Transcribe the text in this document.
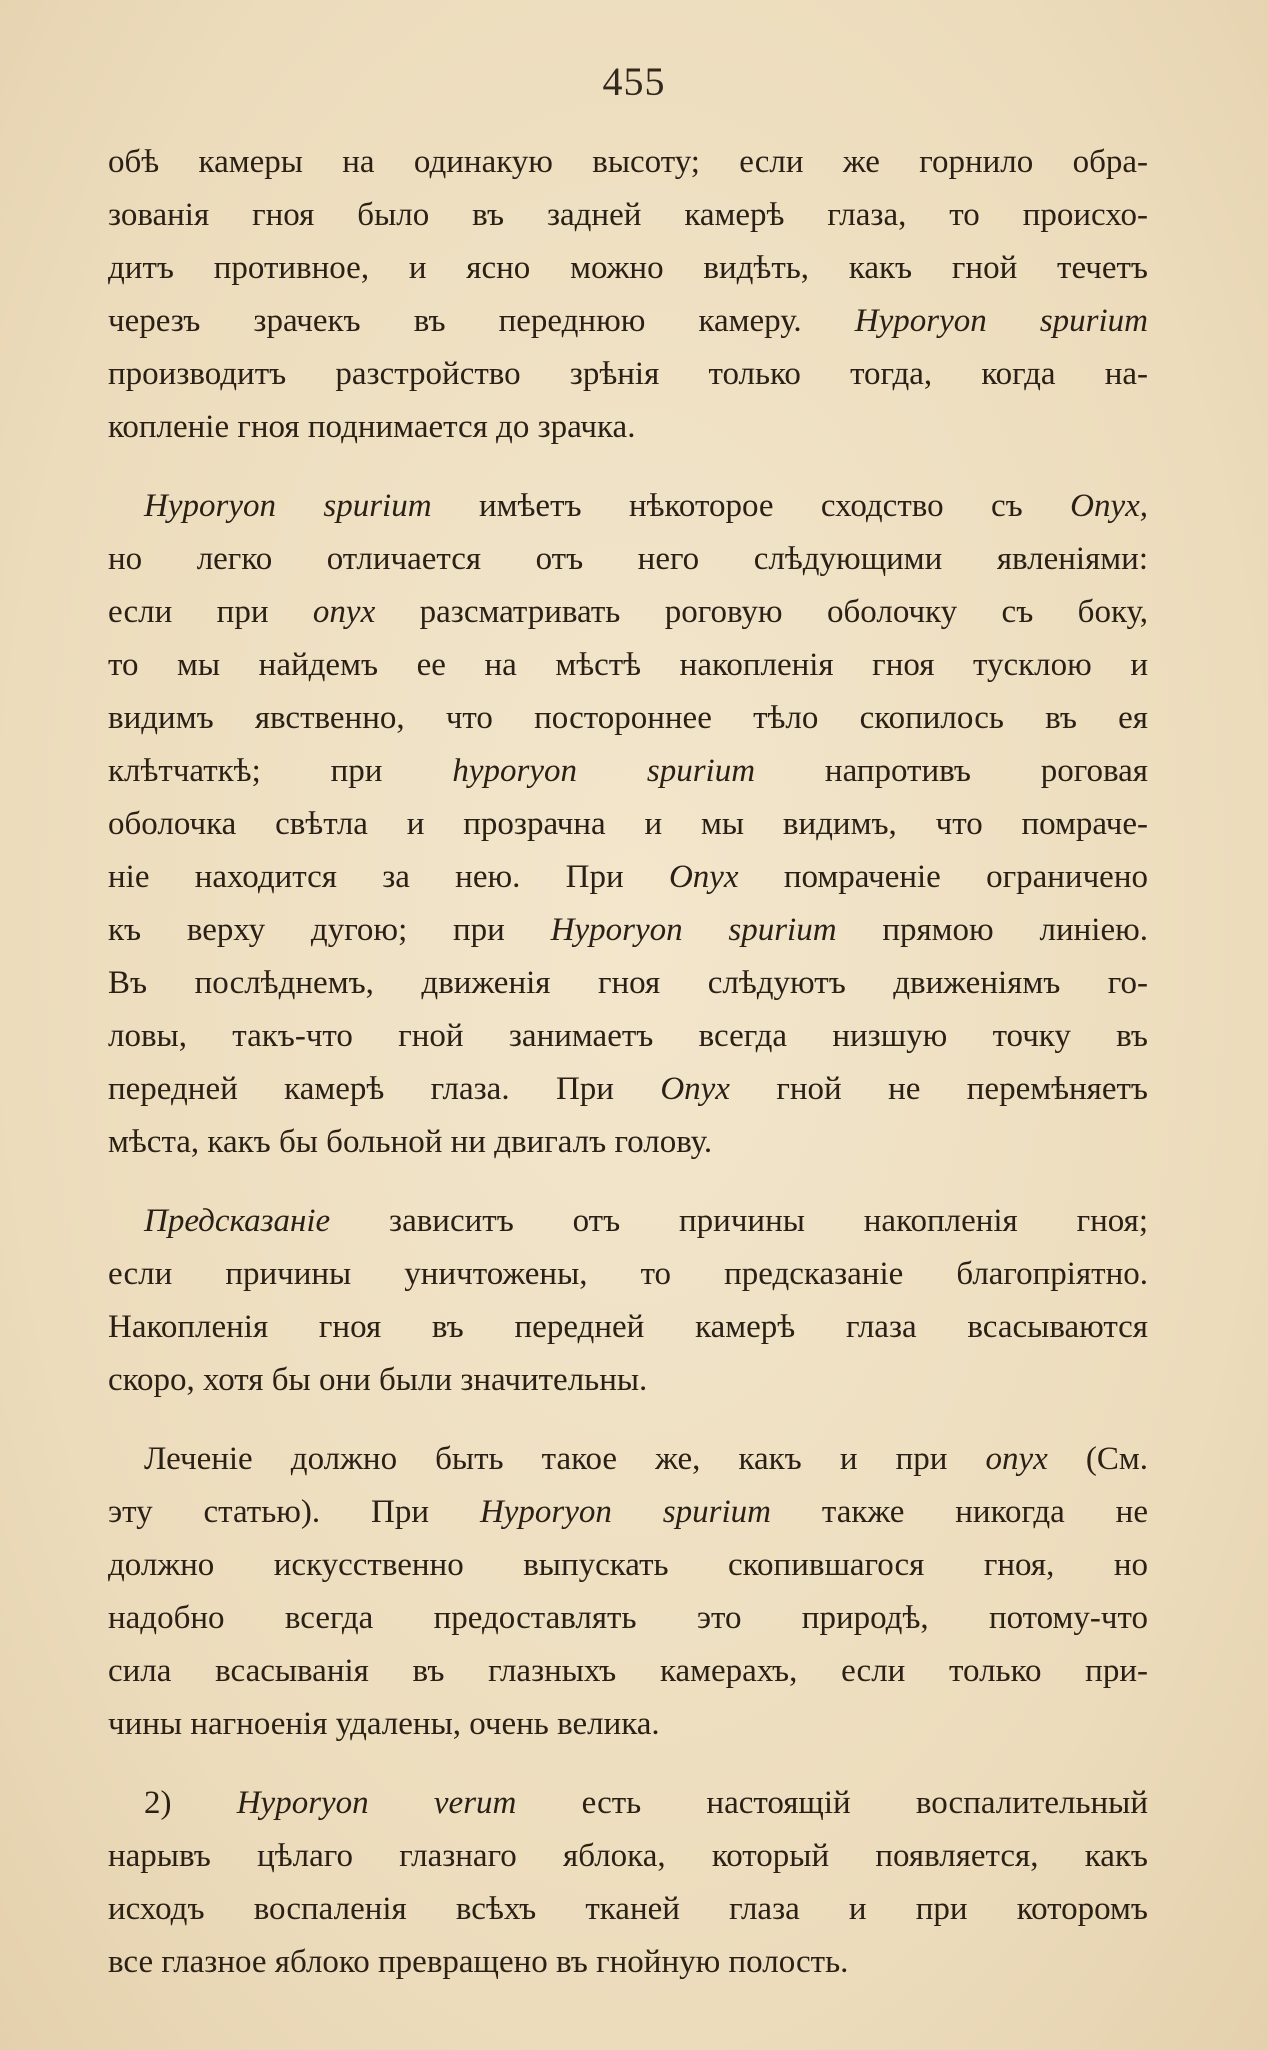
455
обѣ камеры на одинакую высоту; если же горнило обра-
зованія гноя было въ задней камерѣ глаза, то происхо-
дитъ противное, и ясно можно видѣть, какъ гной течетъ
черезъ зрачекъ въ переднюю камеру. Hyporyon spurium
производитъ разстройство зрѣнія только тогда, когда на-
копленіе гноя поднимается до зрачка.
Hyporyon spurium имѣетъ нѣкоторое сходство съ Onyx,
но легко отличается отъ него слѣдующими явленіями:
если при onyx разсматривать роговую оболочку съ боку,
то мы найдемъ ее на мѣстѣ накопленія гноя тусклою и
видимъ явственно, что постороннее тѣло скопилось въ ея
клѣтчаткѣ; при hyporyon spurium напротивъ роговая
оболочка свѣтла и прозрачна и мы видимъ, что помраче-
ніе находится за нею. При Onyx помраченіе ограничено
къ верху дугою; при Hyporyon spurium прямою линіею.
Въ послѣднемъ, движенія гноя слѣдуютъ движеніямъ го-
ловы, такъ-что гной занимаетъ всегда низшую точку въ
передней камерѣ глаза. При Onyx гной не перемѣняетъ
мѣста, какъ бы больной ни двигалъ голову.
Предсказаніе зависитъ отъ причины накопленія гноя;
если причины уничтожены, то предсказаніе благопріятно.
Накопленія гноя въ передней камерѣ глаза всасываются
скоро, хотя бы они были значительны.
Леченіе должно быть такое же, какъ и при onyx (См.
эту статью). При Hyporyon spurium также никогда не
должно искусственно выпускать скопившагося гноя, но
надобно всегда предоставлять это природѣ, потому-что
сила всасыванія въ глазныхъ камерахъ, если только при-
чины нагноенія удалены, очень велика.
2) Hyporyon verum есть настоящій воспалительный
нарывъ цѣлаго глазнаго яблока, который появляется, какъ
исходъ воспаленія всѣхъ тканей глаза и при которомъ
все глазное яблоко превращено въ гнойную полость.
